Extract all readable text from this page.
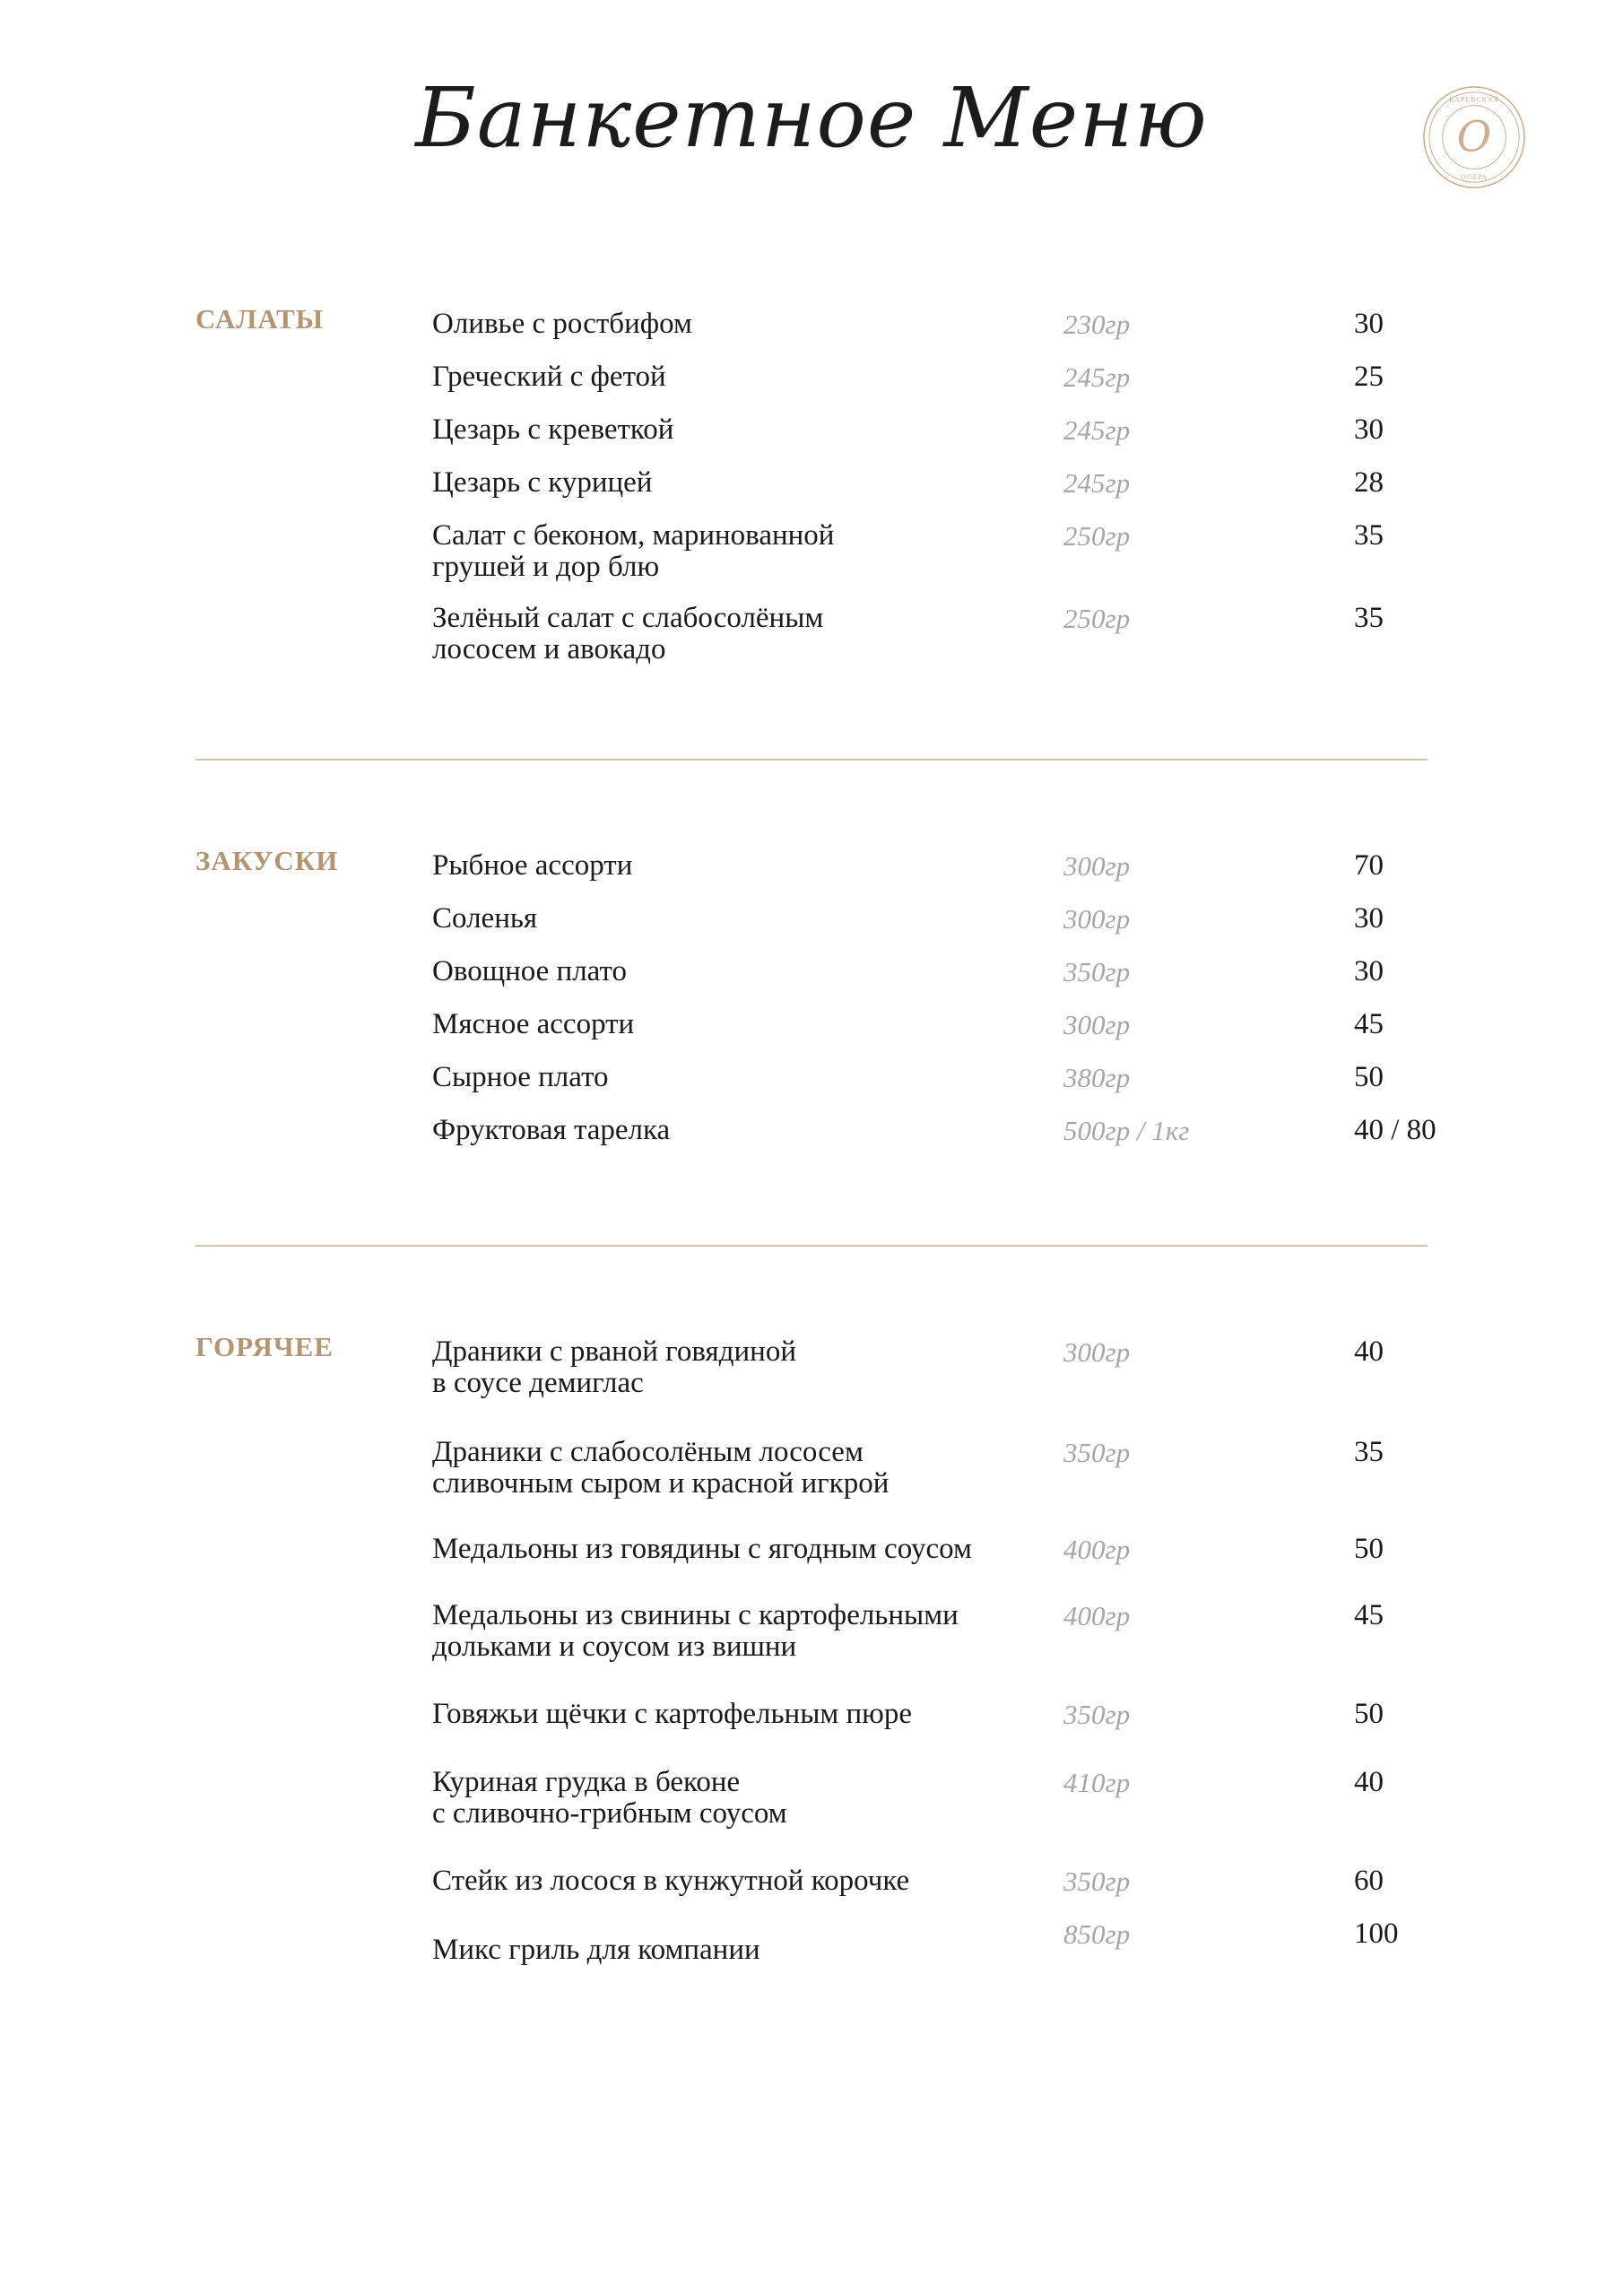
Банкетное Меню	О
КАРЕВСКАЯ
ОПЕРА
САЛАТЫ	Оливье с ростбифом	230гр	30
Греческий с фетой	245гр	25
Цезарь с креветкой	245гр	30
Цезарь с курицей	245гр	28
Салат с беконом, маринованной
грушей и дор блю
250гр	35
Зелёный салат с слабосолёным
лососем и авокадо
250гр	35
ЗАКУСКИ	Рыбное ассорти	300гр	70
Соленья	300гр	30
Овощное плато	350гр	30
Мясное ассорти	300гр	45
Сырное плато	380гр	50
Фруктовая тарелка	500гр / 1кг	40 / 80
ГОРЯЧЕЕ	Драники с рваной говядиной
в соусе демиглас
300гр	40
Драники с слабосолёным лососем
сливочным сыром и красной игкрой
350гр	35
Медальоны из говядины с ягодным соусом	400гр	50
Медальоны из свинины с картофельными
дольками и соусом из вишни
400гр	45
Говяжьи щёчки с картофельным пюре	350гр	50
Куриная грудка в беконе
с сливочно-грибным соусом
410гр	40
Стейк из лосося в кунжутной корочке	350гр	60
Микс гриль для компании	850гр	100
